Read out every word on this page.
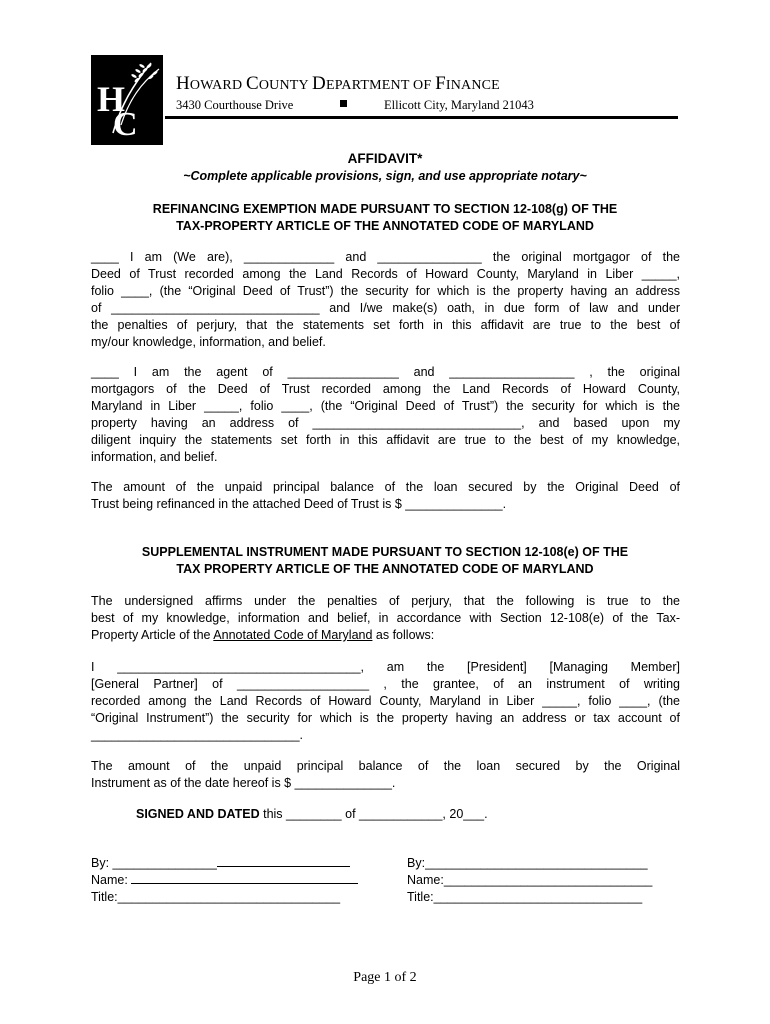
H
C
HOWARD COUNTY DEPARTMENT OF FINANCE
3430 Courthouse Drive	Ellicott City, Maryland 21043
AFFIDAVIT*
~Complete applicable provisions, sign, and use appropriate notary~
REFINANCING EXEMPTION MADE PURSUANT TO SECTION 12-108(g) OF THE
TAX-PROPERTY ARTICLE OF THE ANNOTATED CODE OF MARYLAND
____ I am (We are), _____________ and _______________ the original mortgagor of the
Deed of Trust recorded among the Land Records of Howard County, Maryland in Liber _____,
folio ____, (the “Original Deed of Trust”) the security for which is the property having an address
of ______________________________ and I/we make(s) oath, in due form of law and under
the penalties of perjury, that the statements set forth in this affidavit are true to the best of
my/our knowledge, information, and belief.
____ I am the agent of ________________ and __________________ , the original
mortgagors of the Deed of Trust recorded among the Land Records of Howard County,
Maryland in Liber _____, folio ____, (the “Original Deed of Trust”) the security for which is the
property having an address of ______________________________, and based upon my
diligent inquiry the statements set forth in this affidavit are true to the best of my knowledge,
information, and belief.
The amount of the unpaid principal balance of the loan secured by the Original Deed of
Trust being refinanced in the attached Deed of Trust is $ ______________.
SUPPLEMENTAL INSTRUMENT MADE PURSUANT TO SECTION 12-108(e) OF THE
TAX PROPERTY ARTICLE OF THE ANNOTATED CODE OF MARYLAND
The undersigned affirms under the penalties of perjury, that the following is true to the
best of my knowledge, information and belief, in accordance with Section 12-108(e) of the Tax-
Property Article of the Annotated Code of Maryland as follows:
I ___________________________________, am the [President] [Managing Member]
[General Partner] of ___________________ , the grantee, of an instrument of writing
recorded among the Land Records of Howard County, Maryland in Liber _____, folio ____, (the
“Original Instrument”) the security for which is the property having an address or tax account of
______________________________.
The amount of the unpaid principal balance of the loan secured by the Original
Instrument as of the date hereof is $ ______________.
SIGNED AND DATED this ________ of ____________, 20___.
By: _______________
Name:
Title:________________________________
By:________________________________
Name:______________________________
Title:______________________________
Page 1 of 2
